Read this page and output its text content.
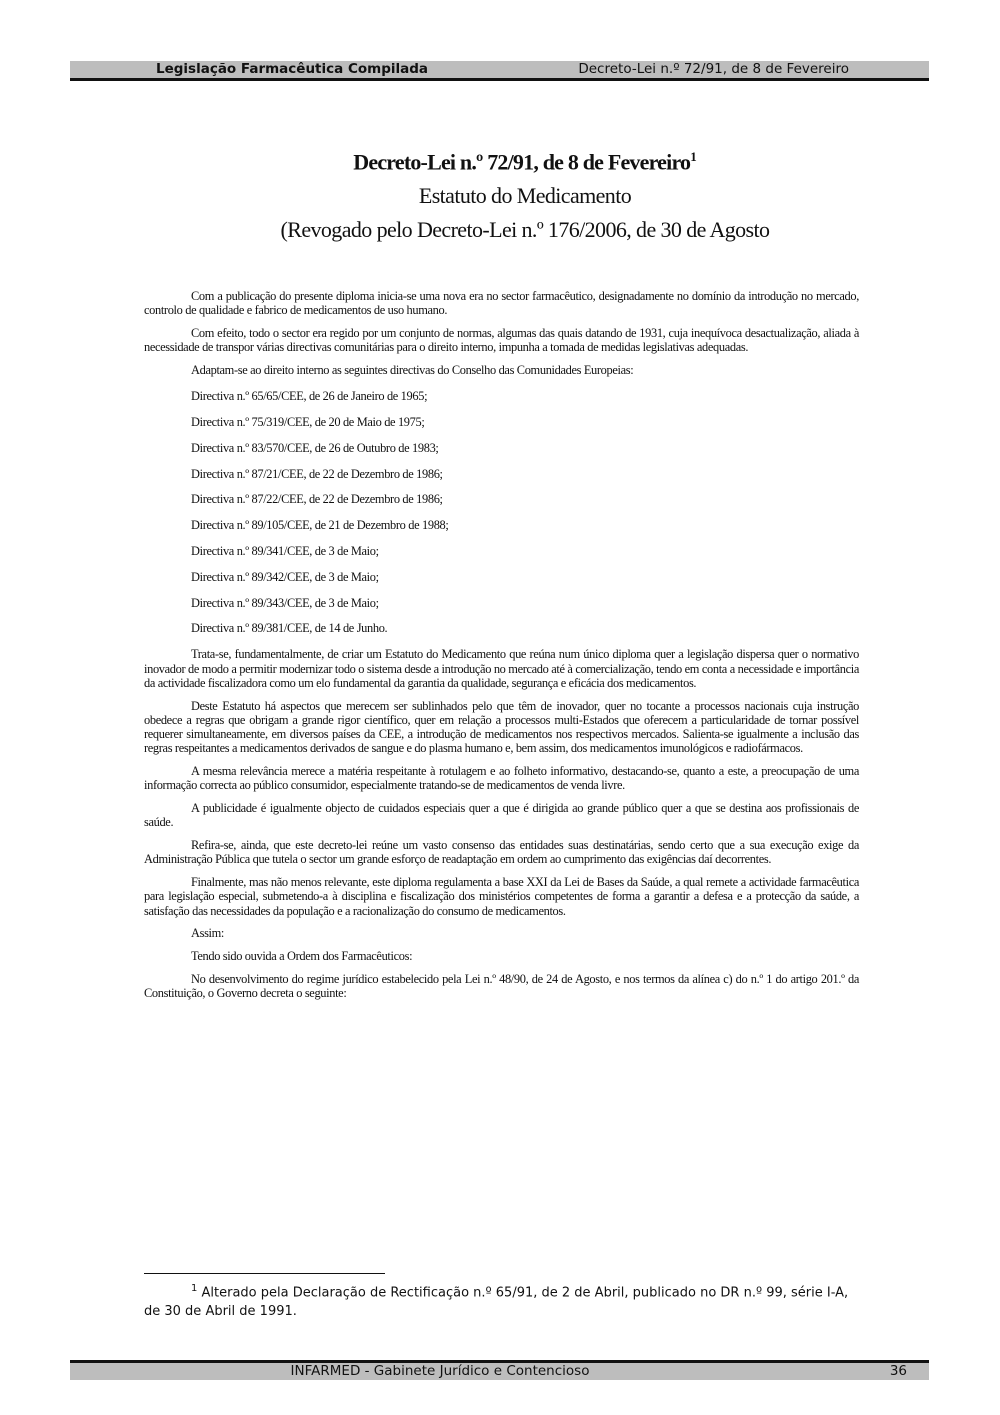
Legislação Farmacêutica Compilada	Decreto-Lei n.º 72/91, de 8 de Fevereiro
Decreto-Lei n.º 72/91, de 8 de Fevereiro$^1$
Estatuto do Medicamento
(Revogado pelo Decreto-Lei n.º 176/2006, de 30 de Agosto

Com a publicação do presente diploma inicia-se uma nova era no sector farmacêutico, designadamente no domínio da introdução no mercado, controlo de qualidade e fabrico de medicamentos de uso humano.

Com efeito, todo o sector era regido por um conjunto de normas, algumas das quais datando de 1931, cuja inequívoca desactualização, aliada à necessidade de transpor várias directivas comunitárias para o direito interno, impunha a tomada de medidas legislativas adequadas.

Adaptam-se ao direito interno as seguintes directivas do Conselho das Comunidades Europeias:

Directiva n.º 65/65/CEE, de 26 de Janeiro de 1965;
Directiva n.º 75/319/CEE, de 20 de Maio de 1975;
Directiva n.º 83/570/CEE, de 26 de Outubro de 1983;
Directiva n.º 87/21/CEE, de 22 de Dezembro de 1986;
Directiva n.º 87/22/CEE, de 22 de Dezembro de 1986;
Directiva n.º 89/105/CEE, de 21 de Dezembro de 1988;
Directiva n.º 89/341/CEE, de 3 de Maio;
Directiva n.º 89/342/CEE, de 3 de Maio;
Directiva n.º 89/343/CEE, de 3 de Maio;
Directiva n.º 89/381/CEE, de 14 de Junho.

Trata-se, fundamentalmente, de criar um Estatuto do Medicamento que reúna num único diploma quer a legislação dispersa quer o normativo inovador de modo a permitir modernizar todo o sistema desde a introdução no mercado até à comercialização, tendo em conta a necessidade e importância da actividade fiscalizadora como um elo fundamental da garantia da qualidade, segurança e eficácia dos medicamentos.

Deste Estatuto há aspectos que merecem ser sublinhados pelo que têm de inovador, quer no tocante a processos nacionais cuja instrução obedece a regras que obrigam a grande rigor científico, quer em relação a processos multi-Estados que oferecem a particularidade de tornar possível requerer simultaneamente, em diversos países da CEE, a introdução de medicamentos nos respectivos mercados. Salienta-se igualmente a inclusão das regras respeitantes a medicamentos derivados de sangue e do plasma humano e, bem assim, dos medicamentos imunológicos e radiofármacos.

A mesma relevância merece a matéria respeitante à rotulagem e ao folheto informativo, destacando-se, quanto a este, a preocupação de uma informação correcta ao público consumidor, especialmente tratando-se de medicamentos de venda livre.

A publicidade é igualmente objecto de cuidados especiais quer a que é dirigida ao grande público quer a que se destina aos profissionais de saúde.

Refira-se, ainda, que este decreto-lei reúne um vasto consenso das entidades suas destinatárias, sendo certo que a sua execução exige da Administração Pública que tutela o sector um grande esforço de readaptação em ordem ao cumprimento das exigências daí decorrentes.

Finalmente, mas não menos relevante, este diploma regulamenta a base XXI da Lei de Bases da Saúde, a qual remete a actividade farmacêutica para legislação especial, submetendo-a à disciplina e fiscalização dos ministérios competentes de forma a garantir a defesa e a protecção da saúde, a satisfação das necessidades da população e a racionalização do consumo de medicamentos.

Assim:

Tendo sido ouvida a Ordem dos Farmacêuticos:

No desenvolvimento do regime jurídico estabelecido pela Lei n.º 48/90, de 24 de Agosto, e nos termos da alínea c) do n.º 1 do artigo 201.º da Constituição, o Governo decreta o seguinte:

$^1$ Alterado pela Declaração de Rectificação n.º 65/91, de 2 de Abril, publicado no DR n.º 99, série I-A, de 30 de Abril de 1991.
INFARMED - Gabinete Jurídico e Contencioso	36
